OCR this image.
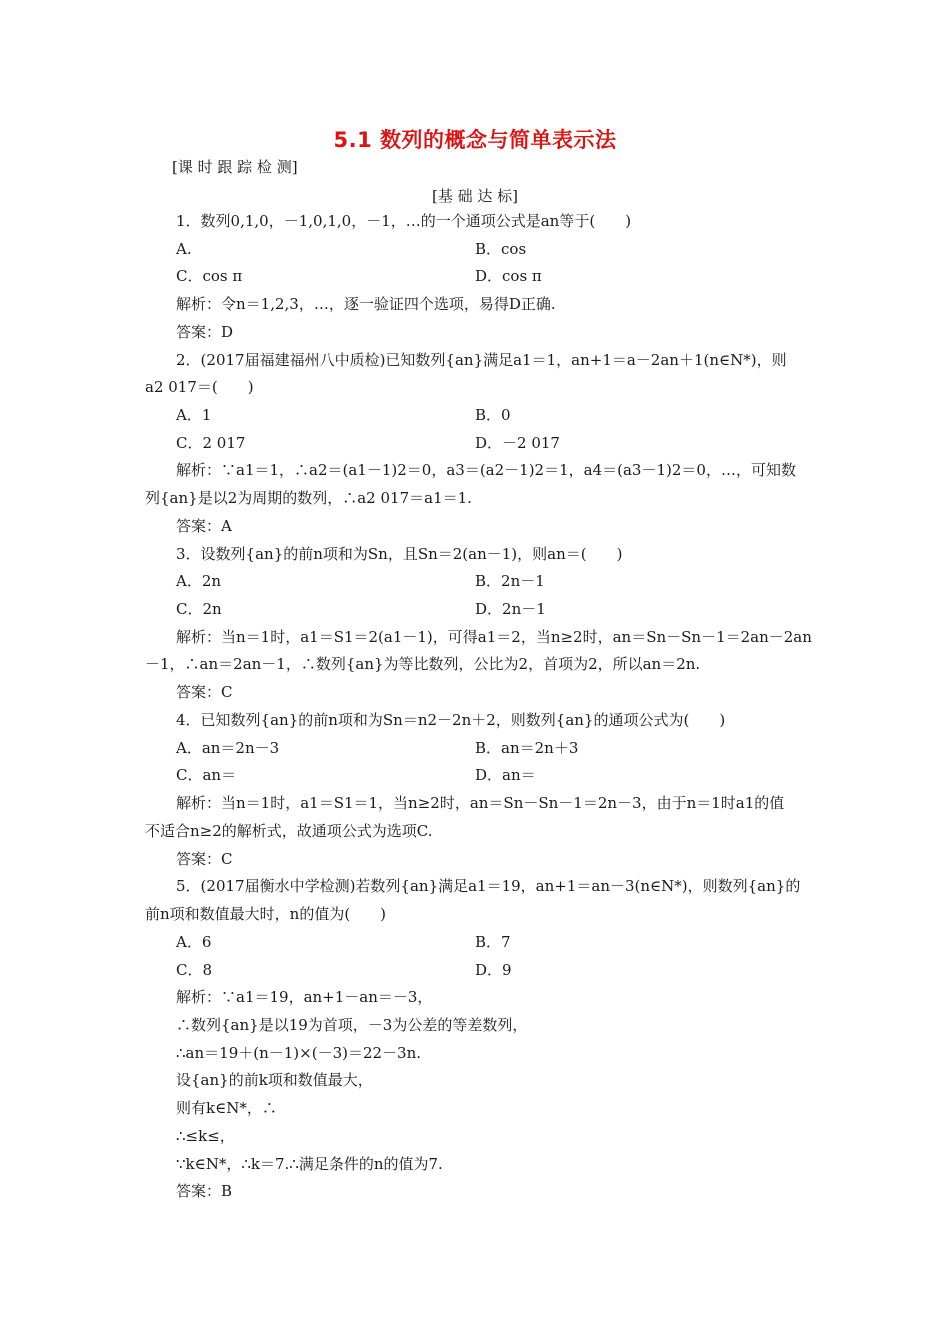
5.1 数列的概念与简单表示法
[课 时 跟 踪 检 测]
[基 础 达 标]
1．数列0,1,0，－1,0,1,0，－1，…的一个通项公式是an等于(　　)
A.	B．cos
C．cos π	D．cos π
解析：令n＝1,2,3，…，逐一验证四个选项，易得D正确.
答案：D
2．(2017届福建福州八中质检)已知数列{an}满足a1＝1，an+1＝a－2an＋1(n∈N*)，则
a2 017＝(　　)
A．1	B．0
C．2 017	D．－2 017
解析：∵a1＝1，∴a2＝(a1－1)2＝0，a3＝(a2－1)2＝1，a4＝(a3－1)2＝0，…，可知数
列{an}是以2为周期的数列，∴a2 017＝a1＝1.
答案：A
3．设数列{an}的前n项和为Sn，且Sn＝2(an－1)，则an＝(　　)
A．2n	B．2n－1
C．2n	D．2n－1
解析：当n＝1时，a1＝S1＝2(a1－1)，可得a1＝2，当n≥2时，an＝Sn－Sn－1＝2an－2an
－1，∴an＝2an－1，∴数列{an}为等比数列，公比为2，首项为2，所以an＝2n.
答案：C
4．已知数列{an}的前n项和为Sn＝n2－2n＋2，则数列{an}的通项公式为(　　)
A．an＝2n－3	B．an＝2n＋3
C．an＝	D．an＝
解析：当n＝1时，a1＝S1＝1，当n≥2时，an＝Sn－Sn－1＝2n－3，由于n＝1时a1的值
不适合n≥2的解析式，故通项公式为选项C.
答案：C
5．(2017届衡水中学检测)若数列{an}满足a1＝19，an+1＝an－3(n∈N*)，则数列{an}的
前n项和数值最大时，n的值为(　　)
A．6	B．7
C．8	D．9
解析：∵a1＝19，an+1－an＝－3，
∴数列{an}是以19为首项，－3为公差的等差数列，
∴an＝19＋(n－1)×(－3)＝22－3n.
设{an}的前k项和数值最大，
则有k∈N*，∴
∴≤k≤，
∵k∈N*，∴k＝7.∴满足条件的n的值为7.
答案：B
